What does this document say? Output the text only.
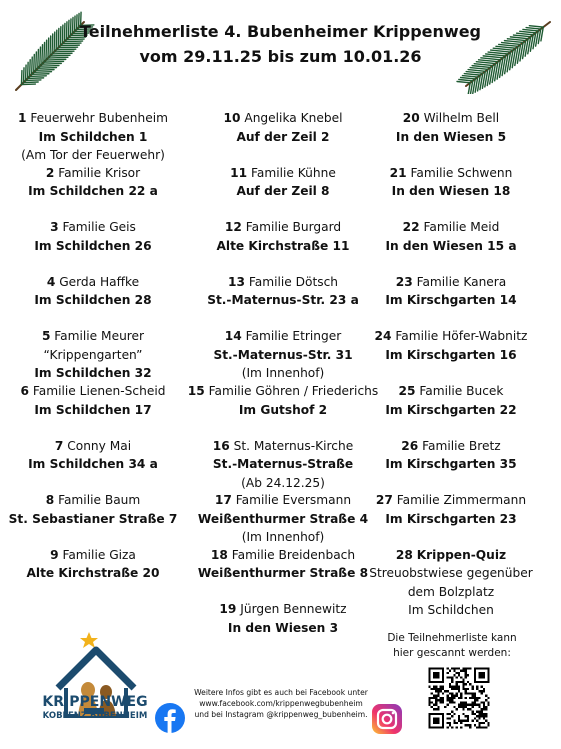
Teilnehmerliste 4. Bubenheimer Krippenweg
vom 29.11.25 bis zum 10.01.26
1 Feuerwehr Bubenheim
Im Schildchen 1
(Am Tor der Feuerwehr)
2 Familie Krisor
Im Schildchen 22 a
3 Familie Geis
Im Schildchen 26
4 Gerda Haffke
Im Schildchen 28
5 Familie Meurer
“Krippengarten”
Im Schildchen 32
6 Familie Lienen-Scheid
Im Schildchen 17
7 Conny Mai
Im Schildchen 34 a
8 Familie Baum
St. Sebastianer Straße 7
9 Familie Giza
Alte Kirchstraße 20
10 Angelika Knebel
Auf der Zeil 2
11 Familie Kühne
Auf der Zeil 8
12 Familie Burgard
Alte Kirchstraße 11
13 Familie Dötsch
St.-Maternus-Str. 23 a
14 Familie Etringer
St.-Maternus-Str. 31
(Im Innenhof)
15 Familie Göhren / Friederichs
Im Gutshof 2
16 St. Maternus-Kirche
St.-Maternus-Straße
(Ab 24.12.25)
17 Familie Eversmann
Weißenthurmer Straße 4
(Im Innenhof)
18 Familie Breidenbach
Weißenthurmer Straße 8
19 Jürgen Bennewitz
In den Wiesen 3
20 Wilhelm Bell
In den Wiesen 5
21 Familie Schwenn
In den Wiesen 18
22 Familie Meid
In den Wiesen 15 a
23 Familie Kanera
Im Kirschgarten 14
24 Familie Höfer-Wabnitz
Im Kirschgarten 16
25 Familie Bucek
Im Kirschgarten 22
26 Familie Bretz
Im Kirschgarten 35
27 Familie Zimmermann
Im Kirschgarten 23
28 Krippen-Quiz
Streuobstwiese gegenüber
dem Bolzplatz
Im Schildchen
KRIPPENWEG
KOBLENZ BUBENHEIM
Die Teilnehmerliste kann
hier gescannt werden:
Weitere Infos gibt es auch bei Facebook unter
www.facebook.com/krippenwegbubenheim
und bei Instagram @krippenweg_bubenheim.
